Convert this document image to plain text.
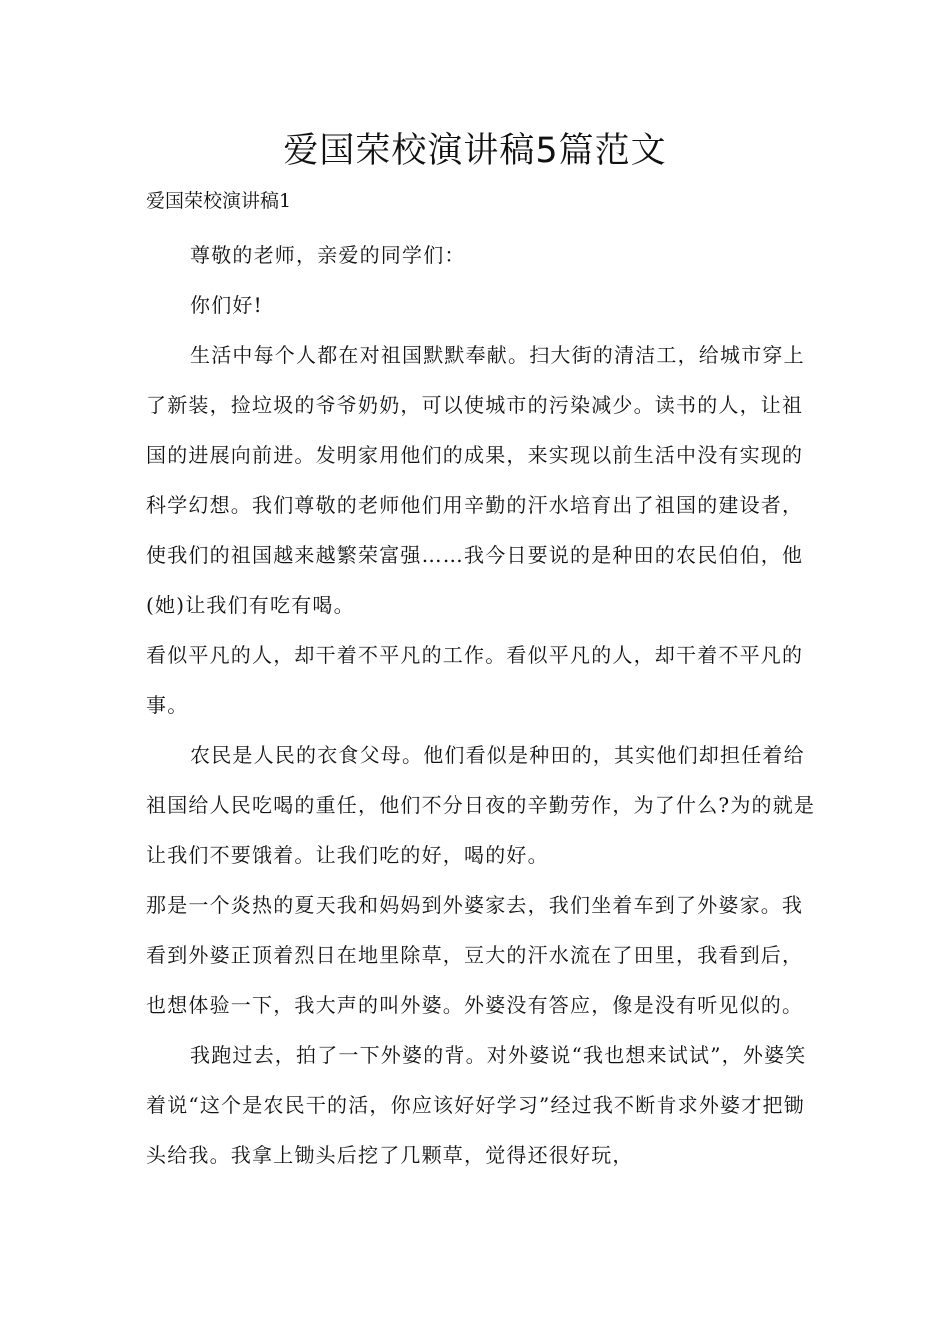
爱国荣校演讲稿5篇范文

爱国荣校演讲稿1

尊敬的老师，亲爱的同学们：

你们好!

生活中每个人都在对祖国默默奉献。扫大街的清洁工，给城市穿上了新装，捡垃圾的爷爷奶奶，可以使城市的污染减少。读书的人，让祖国的进展向前进。发明家用他们的成果，来实现以前生活中没有实现的科学幻想。我们尊敬的老师他们用辛勤的汗水培育出了祖国的建设者，使我们的祖国越来越繁荣富强……我今日要说的是种田的农民伯伯，他(她)让我们有吃有喝。

看似平凡的人，却干着不平凡的工作。看似平凡的人，却干着不平凡的事。

农民是人民的衣食父母。他们看似是种田的，其实他们却担任着给祖国给人民吃喝的重任，他们不分日夜的辛勤劳作，为了什么?为的就是让我们不要饿着。让我们吃的好，喝的好。

那是一个炎热的夏天我和妈妈到外婆家去，我们坐着车到了外婆家。我看到外婆正顶着烈日在地里除草，豆大的汗水流在了田里，我看到后，也想体验一下，我大声的叫外婆。外婆没有答应，像是没有听见似的。

我跑过去，拍了一下外婆的背。对外婆说“我也想来试试”，外婆笑着说“这个是农民干的活，你应该好好学习”经过我不断肯求外婆才把锄头给我。我拿上锄头后挖了几颗草，觉得还很好玩，
